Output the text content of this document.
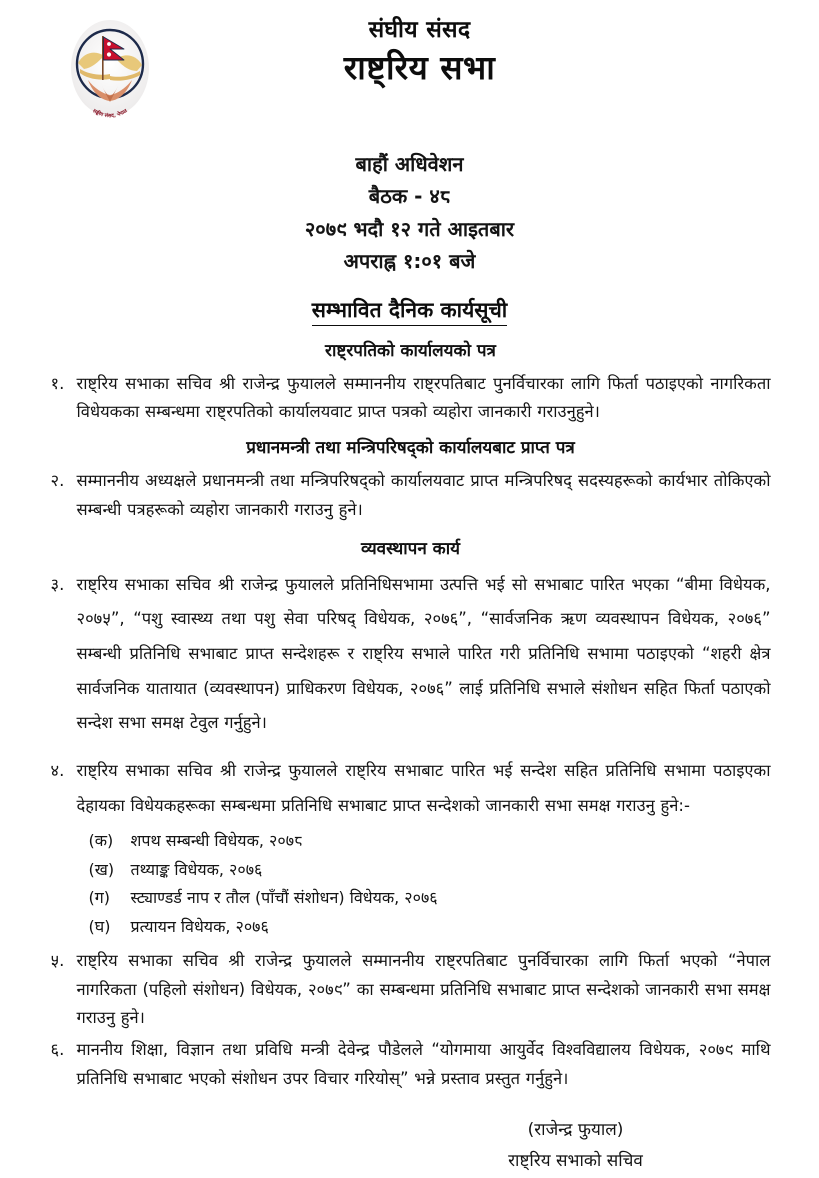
सङ्घीय संसद, नेपाल
संघीय संसद
राष्ट्रिय सभा
बाहौं अधिवेशन
बैठक - ४८
२०७९ भदौ १२ गते आइतबार
अपराह्न १:०१ बजे
सम्भावित दैनिक कार्यसूची
राष्ट्रपतिको कार्यालयको पत्र
१. राष्ट्रिय सभाका सचिव श्री राजेन्द्र फुयालले सम्माननीय राष्ट्रपतिबाट पुनर्विचारका लागि फिर्ता पठाइएको नागरिकता विधेयकका सम्बन्धमा राष्ट्रपतिको कार्यालयवाट प्राप्त पत्रको व्यहोरा जानकारी गराउनुहुने।
प्रधानमन्त्री तथा मन्त्रिपरिषद्को कार्यालयबाट प्राप्त पत्र
२. सम्माननीय अध्यक्षले प्रधानमन्त्री तथा मन्त्रिपरिषद्को कार्यालयवाट प्राप्त मन्त्रिपरिषद् सदस्यहरूको कार्यभार तोकिएको सम्बन्धी पत्रहरूको व्यहोरा जानकारी गराउनु हुने।
व्यवस्थापन कार्य
३. राष्ट्रिय सभाका सचिव श्री राजेन्द्र फुयालले प्रतिनिधिसभामा उत्पत्ति भई सो सभाबाट पारित भएका “बीमा विधेयक, २०७५”, “पशु स्वास्थ्य तथा पशु सेवा परिषद् विधेयक, २०७६”, “सार्वजनिक ऋण व्यवस्थापन विधेयक, २०७६” सम्बन्धी प्रतिनिधि सभाबाट प्राप्त सन्देशहरू र राष्ट्रिय सभाले पारित गरी प्रतिनिधि सभामा पठाइएको “शहरी क्षेत्र सार्वजनिक यातायात (व्यवस्थापन) प्राधिकरण विधेयक, २०७६” लाई प्रतिनिधि सभाले संशोधन सहित फिर्ता पठाएको सन्देश सभा समक्ष टेवुल गर्नुहुने।
४. राष्ट्रिय सभाका सचिव श्री राजेन्द्र फुयालले राष्ट्रिय सभाबाट पारित भई सन्देश सहित प्रतिनिधि सभामा पठाइएका देहायका विधेयकहरूका सम्बन्धमा प्रतिनिधि सभाबाट प्राप्त सन्देशको जानकारी सभा समक्ष गराउनु हुने:-
(क)	शपथ सम्बन्धी विधेयक, २०७८
(ख)	तथ्याङ्क विधेयक, २०७६
(ग)	स्ट्याण्डर्ड नाप र तौल (पाँचौं संशोधन) विधेयक, २०७६
(घ)	प्रत्यायन विधेयक, २०७६
५. राष्ट्रिय सभाका सचिव श्री राजेन्द्र फुयालले सम्माननीय राष्ट्रपतिबाट पुनर्विचारका लागि फिर्ता भएको “नेपाल नागरिकता (पहिलो संशोधन) विधेयक, २०७९” का सम्बन्धमा प्रतिनिधि सभाबाट प्राप्त सन्देशको जानकारी सभा समक्ष गराउनु हुने।
६. माननीय शिक्षा, विज्ञान तथा प्रविधि मन्त्री देवेन्द्र पौडेलले “योगमाया आयुर्वेद विश्वविद्यालय विधेयक, २०७९ माथि प्रतिनिधि सभाबाट भएको संशोधन उपर विचार गरियोस्” भन्ने प्रस्ताव प्रस्तुत गर्नुहुने।
(राजेन्द्र फुयाल)
राष्ट्रिय सभाको सचिव
